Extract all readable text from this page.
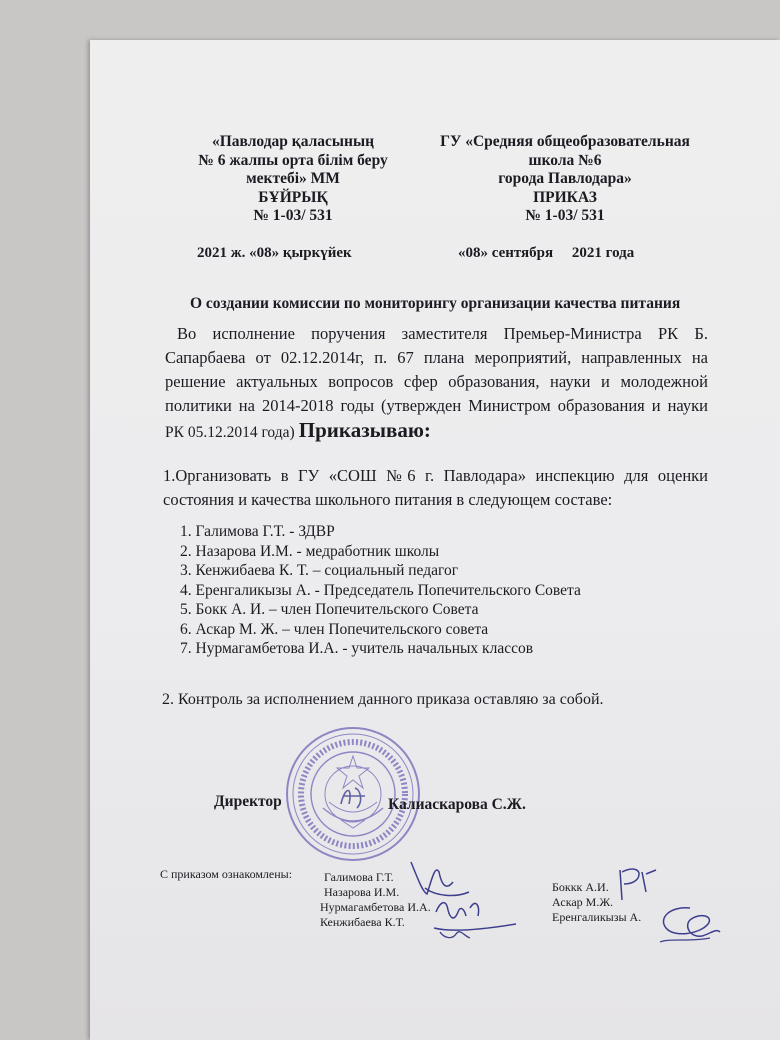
«Павлодар қаласының
№ 6 жалпы орта білім беру
мектебі» ММ
БҰЙРЫҚ
№ 1-03/ 531
2021 ж. «08» қыркүйек
ГУ «Средняя общеобразовательная
школа №6
города Павлодара»
ПРИКАЗ
№ 1-03/ 531
«08» сентября     2021 года
О создании комиссии по мониторингу организации качества питания
Во исполнение поручения заместителя Премьер-Министра РК Б.
Сапарбаева от 02.12.2014г, п. 67 плана мероприятий, направленных на
решение актуальных вопросов сфер образования, науки и молодежной
политики на 2014-2018 годы (утвержден Министром образования и науки
РК 05.12.2014 года) Приказываю:
1.Организовать в ГУ «СОШ №6 г. Павлодара» инспекцию для оценки
состояния и качества школьного питания в следующем составе:
1. Галимова Г.Т. - ЗДВР
2. Назарова И.М. - медработник школы
3. Кенжибаева К. Т. – социальный педагог
4. Еренгаликызы А. - Председатель Попечительского Совета
5. Бокк А. И. – член Попечительского Совета
6. Аскар М. Ж. – член Попечительского совета
7. Нурмагамбетова И.А. - учитель начальных классов
2. Контроль за исполнением данного приказа оставляю за собой.
Директор	Калиаскарова С.Ж.
С приказом ознакомлены:	Галимова Г.Т.
Назарова И.М.
Нурмагамбетова И.А.
Кенжибаева К.Т.
Боккк А.И.
Аскар М.Ж.
Еренгаликызы А.
